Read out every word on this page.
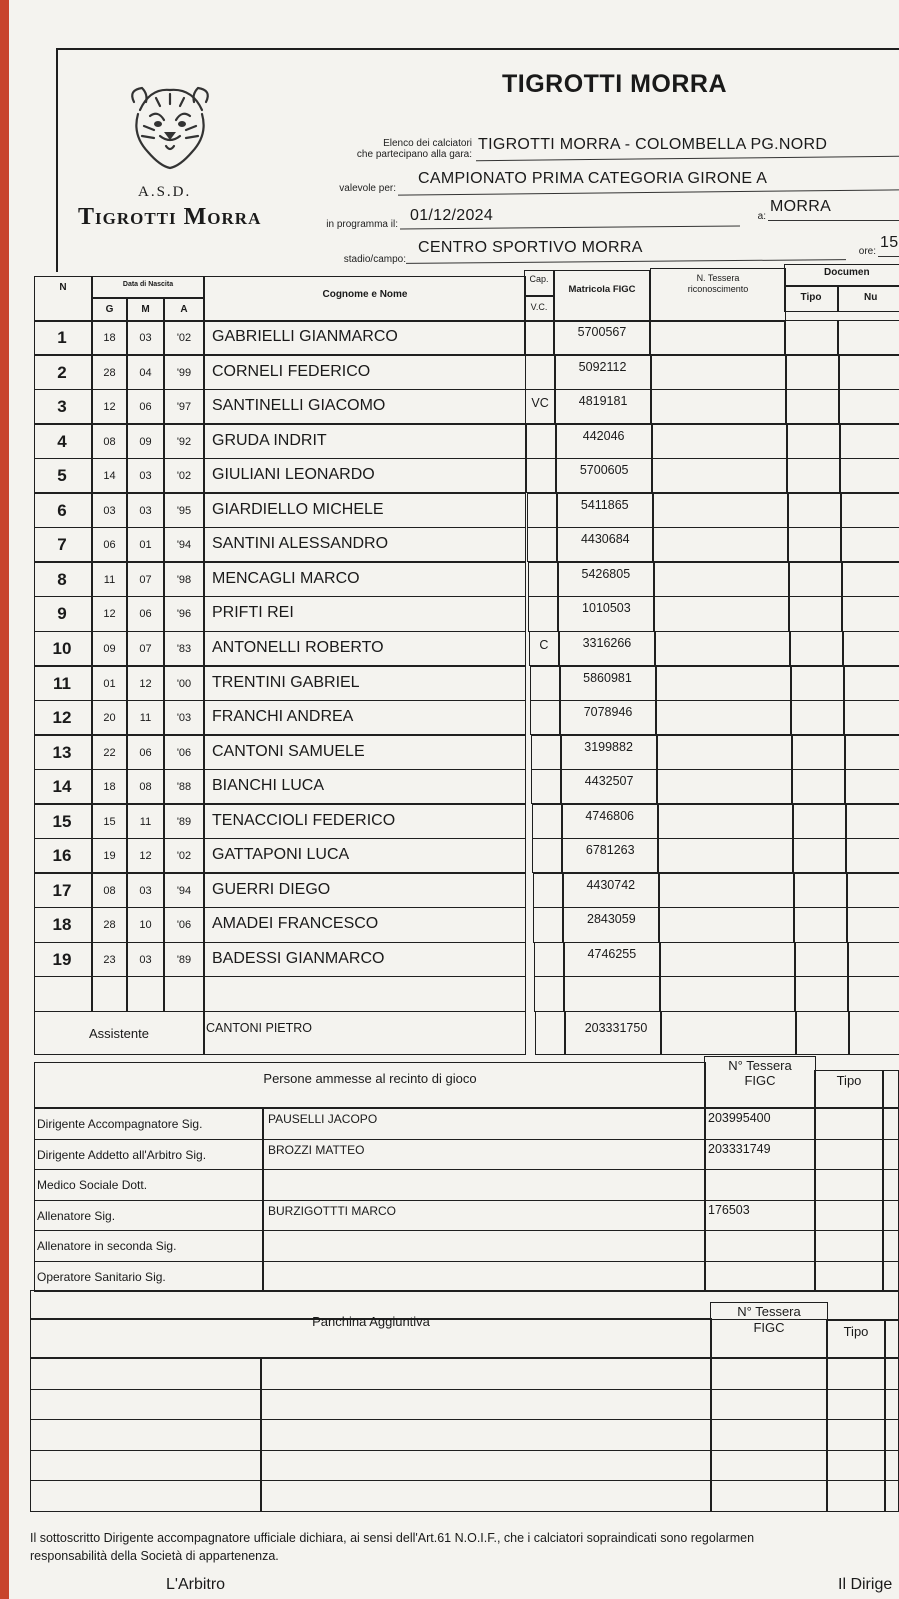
A.S.D.
Tigrotti Morra
TIGROTTI MORRA
Elenco dei calciatori
che partecipano alla gara:
TIGROTTI MORRA - COLOMBELLA PG.NORD
valevole per:
CAMPIONATO PRIMA CATEGORIA GIRONE A
in programma il:
01/12/2024	a:
MORRA
stadio/campo:
CENTRO SPORTIVO MORRA	ore:
15
N	Data di Nascita
G	M	A
Cognome e Nome
Cap.
V.C.
Matricola FIGC
N. Tessera
riconoscimento
Documen
Tipo	Nu
1	18	03	'02	GABRIELLI GIANMARCO	5700567
2	28	04	'99	CORNELI FEDERICO	5092112
3	12	06	'97	SANTINELLI GIACOMO	VC	4819181
4	08	09	'92	GRUDA INDRIT	442046
5	14	03	'02	GIULIANI LEONARDO	5700605
6	03	03	'95	GIARDIELLO MICHELE	5411865
7	06	01	'94	SANTINI ALESSANDRO	4430684
8	11	07	'98	MENCAGLI MARCO	5426805
9	12	06	'96	PRIFTI REI	1010503
10	09	07	'83	ANTONELLI ROBERTO	C	3316266
11	01	12	'00	TRENTINI GABRIEL	5860981
12	20	11	'03	FRANCHI ANDREA	7078946
13	22	06	'06	CANTONI SAMUELE	3199882
14	18	08	'88	BIANCHI LUCA	4432507
15	15	11	'89	TENACCIOLI FEDERICO	4746806
16	19	12	'02	GATTAPONI LUCA	6781263
17	08	03	'94	GUERRI DIEGO	4430742
18	28	10	'06	AMADEI FRANCESCO	2843059
19	23	03	'89	BADESSI GIANMARCO	4746255
Assistente	CANTONI PIETRO	203331750
Persone ammesse al recinto di gioco
N° Tessera
FIGC	Tipo
Dirigente Accompagnatore Sig.	PAUSELLI JACOPO	203995400
Dirigente Addetto all'Arbitro Sig.	BROZZI MATTEO	203331749
Medico Sociale Dott.
Allenatore Sig.	BURZIGOTTTI MARCO	176503
Allenatore in seconda Sig.
Operatore Sanitario Sig.
Panchina Aggiuntiva
N° Tessera
FIGC	Tipo
Il sottoscritto Dirigente accompagnatore ufficiale dichiara, ai sensi dell'Art.61 N.O.I.F., che i calciatori sopraindicati sono regolarmen
responsabilità della Società di appartenenza.
L'Arbitro	Il Dirige
